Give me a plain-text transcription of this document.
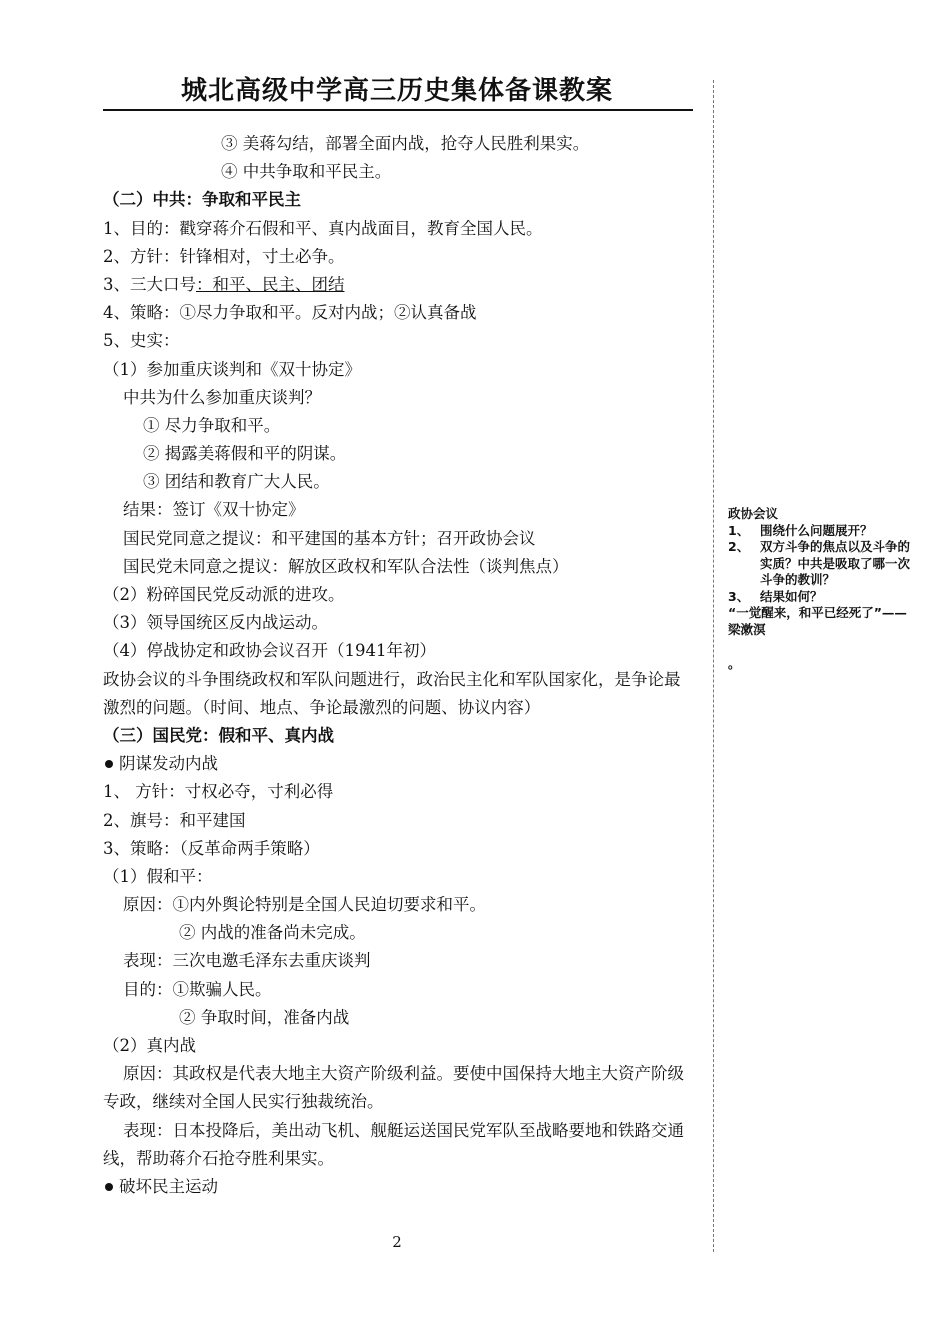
城北高级中学高三历史集体备课教案
③ 美蒋勾结，部署全面内战，抢夺人民胜利果实。
④ 中共争取和平民主。
（二）中共：争取和平民主
1、目的：戳穿蒋介石假和平、真内战面目，教育全国人民。
2、方针：针锋相对，寸土必争。
3、三大口号：和平、民主、团结
4、策略：①尽力争取和平。反对内战；②认真备战
5、史实：
（1）参加重庆谈判和《双十协定》
中共为什么参加重庆谈判？
① 尽力争取和平。
② 揭露美蒋假和平的阴谋。
③ 团结和教育广大人民。
结果：签订《双十协定》
国民党同意之提议：和平建国的基本方针；召开政协会议
国民党未同意之提议：解放区政权和军队合法性（谈判焦点）
（2）粉碎国民党反动派的进攻。
（3）领导国统区反内战运动。
（4）停战协定和政协会议召开（1941年初）
政协会议的斗争围绕政权和军队问题进行，政治民主化和军队国家化，是争论最激烈的问题。（时间、地点、争论最激烈的问题、协议内容）
（三）国民党：假和平、真内战
阴谋发动内战
1、 方针：寸权必夺，寸利必得
2、旗号：和平建国
3、策略：（反革命两手策略）
（1）假和平：
原因：①内外舆论特别是全国人民迫切要求和平。
② 内战的准备尚未完成。
表现：三次电邀毛泽东去重庆谈判
目的：①欺骗人民。
② 争取时间，准备内战
（2）真内战
原因：其政权是代表大地主大资产阶级利益。要使中国保持大地主大资产阶级专政，继续对全国人民实行独裁统治。
表现：日本投降后，美出动飞机、舰艇运送国民党军队至战略要地和铁路交通线，帮助蒋介石抢夺胜利果实。
破坏民主运动
政协会议
1、 围绕什么问题展开？
2、 双方斗争的焦点以及斗争的实质？中共是吸取了哪一次斗争的教训？
3、 结果如何？
“一觉醒来，和平已经死了”——梁漱溟
。
2
